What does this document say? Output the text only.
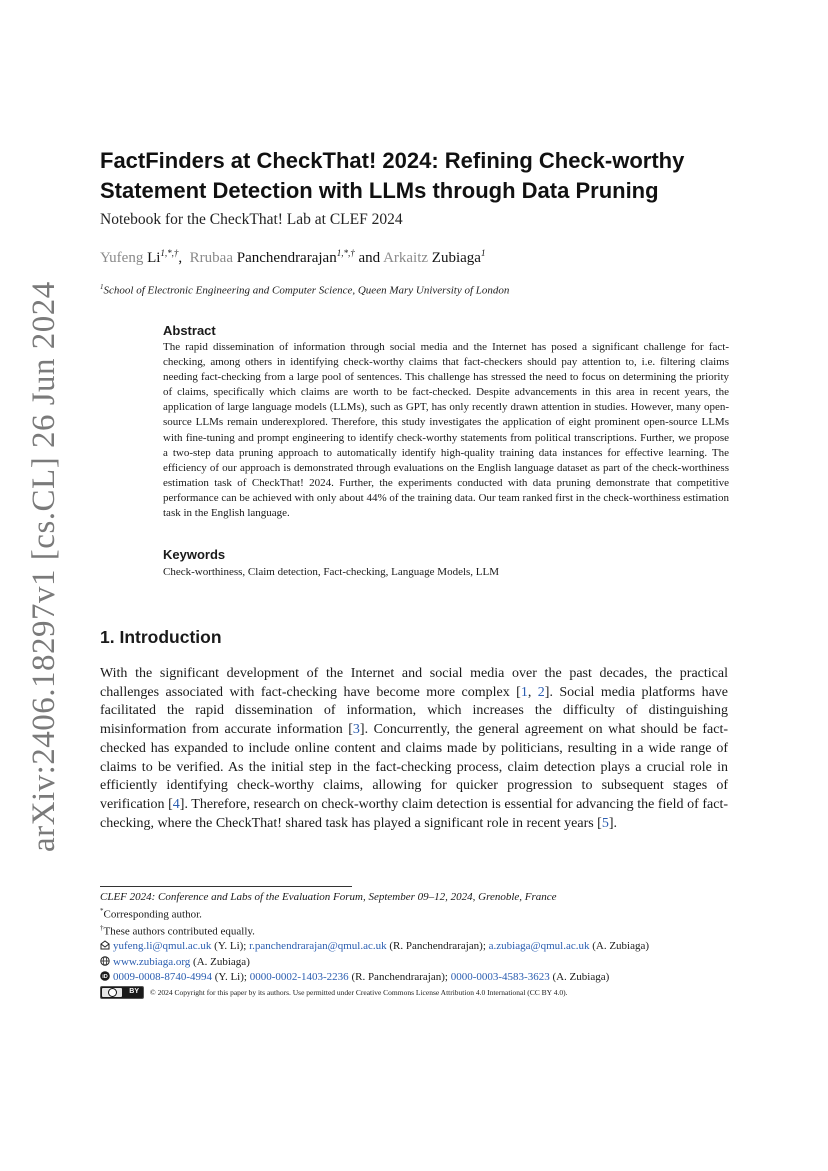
arXiv:2406.18297v1 [cs.CL] 26 Jun 2024
FactFinders at CheckThat! 2024: Refining Check-worthy Statement Detection with LLMs through Data Pruning
Notebook for the CheckThat! Lab at CLEF 2024
Yufeng $Li^{1,*,\dagger}$, Rrubaa Panchendrarajan$^{1,*,\dagger}$ and Arkaitz Zubiaga$^1$
$^1$School of Electronic Engineering and Computer Science, Queen Mary University of London
Abstract
The rapid dissemination of information through social media and the Internet has posed a significant challenge for fact-checking, among others in identifying check-worthy claims that fact-checkers should pay attention to, i.e. filtering claims needing fact-checking from a large pool of sentences. This challenge has stressed the need to focus on determining the priority of claims, specifically which claims are worth to be fact-checked. Despite advancements in this area in recent years, the application of large language models (LLMs), such as GPT, has only recently drawn attention in studies. However, many open-source LLMs remain underexplored. Therefore, this study investigates the application of eight prominent open-source LLMs with fine-tuning and prompt engineering to identify check-worthy statements from political transcriptions. Further, we propose a two-step data pruning approach to automatically identify high-quality training data instances for effective learning. The efficiency of our approach is demonstrated through evaluations on the English language dataset as part of the check-worthiness estimation task of CheckThat! 2024. Further, the experiments conducted with data pruning demonstrate that competitive performance can be achieved with only about 44% of the training data. Our team ranked first in the check-worthiness estimation task in the English language.
Keywords
Check-worthiness, Claim detection, Fact-checking, Language Models, LLM
1. Introduction
With the significant development of the Internet and social media over the past decades, the practical challenges associated with fact-checking have become more complex [1, 2]. Social media platforms have facilitated the rapid dissemination of information, which increases the difficulty of distinguishing misinformation from accurate information [3]. Concurrently, the general agreement on what should be fact-checked has expanded to include online content and claims made by politicians, resulting in a wide range of claims to be verified. As the initial step in the fact-checking process, claim detection plays a crucial role in efficiently identifying check-worthy claims, allowing for quicker progression to subsequent stages of verification [4]. Therefore, research on check-worthy claim detection is essential for advancing the field of fact-checking, where the CheckThat! shared task has played a significant role in recent years [5].
CLEF 2024: Conference and Labs of the Evaluation Forum, September 09–12, 2024, Grenoble, France
*Corresponding author.
†These authors contributed equally.
yufeng.li@qmul.ac.uk (Y. Li); r.panchendrarajan@qmul.ac.uk (R. Panchendrarajan); a.zubiaga@qmul.ac.uk (A. Zubiaga)
www.zubiaga.org (A. Zubiaga)
iD 0009-0008-8740-4994 (Y. Li); 0000-0002-1403-2236 (R. Panchendrarajan); 0000-0003-4583-3623 (A. Zubiaga)
BY © 2024 Copyright for this paper by its authors. Use permitted under Creative Commons License Attribution 4.0 International (CC BY 4.0).
